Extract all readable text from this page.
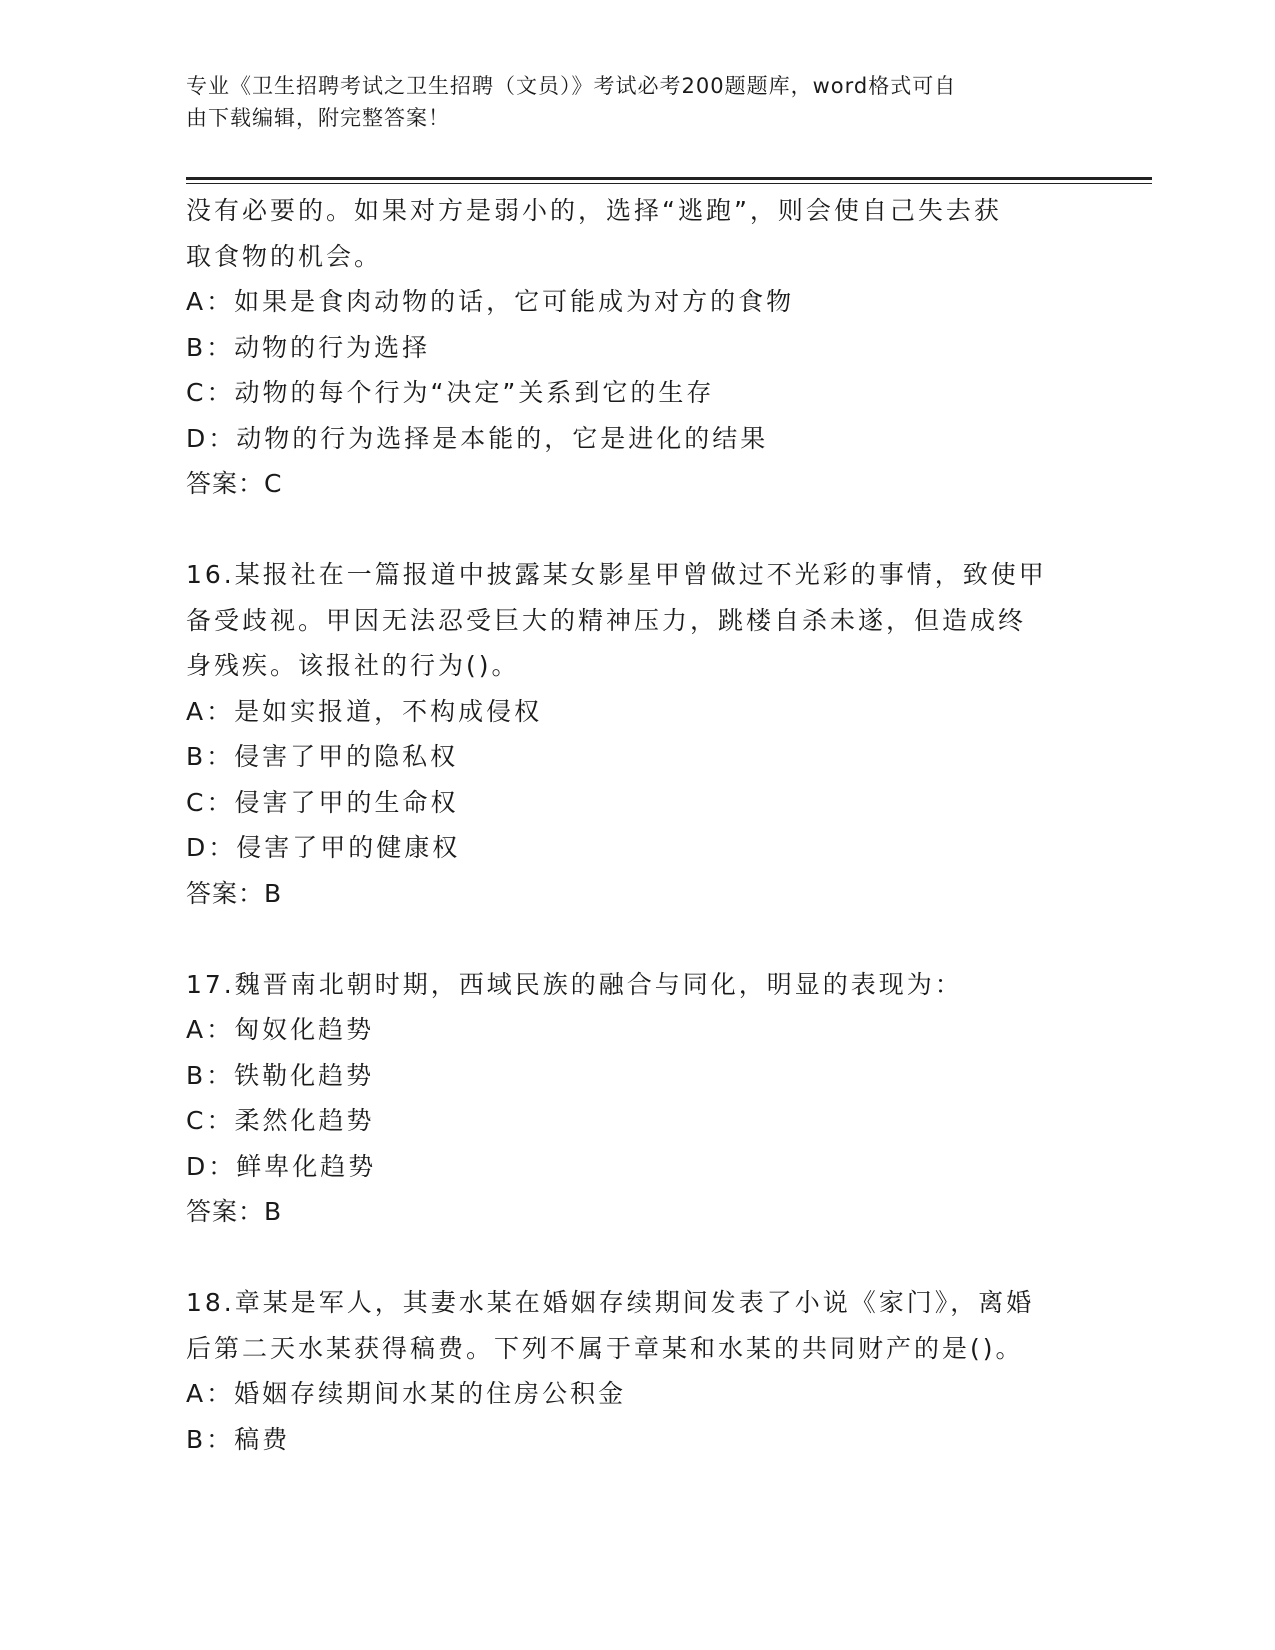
专业《卫生招聘考试之卫生招聘（文员）》考试必考200题题库，word格式可自
由下载编辑，附完整答案！
没有必要的。如果对方是弱小的，选择“逃跑”，则会使自己失去获
取食物的机会。
A：如果是食肉动物的话，它可能成为对方的食物
B：动物的行为选择
C：动物的每个行为“决定”关系到它的生存
D：动物的行为选择是本能的，它是进化的结果
答案：C
16.某报社在一篇报道中披露某女影星甲曾做过不光彩的事情，致使甲
备受歧视。甲因无法忍受巨大的精神压力，跳楼自杀未遂，但造成终
身残疾。该报社的行为()。
A：是如实报道，不构成侵权
B：侵害了甲的隐私权
C：侵害了甲的生命权
D：侵害了甲的健康权
答案：B
17.魏晋南北朝时期，西域民族的融合与同化，明显的表现为：
A：匈奴化趋势
B：铁勒化趋势
C：柔然化趋势
D：鲜卑化趋势
答案：B
18.章某是军人，其妻水某在婚姻存续期间发表了小说《家门》，离婚
后第二天水某获得稿费。下列不属于章某和水某的共同财产的是()。
A：婚姻存续期间水某的住房公积金
B：稿费
